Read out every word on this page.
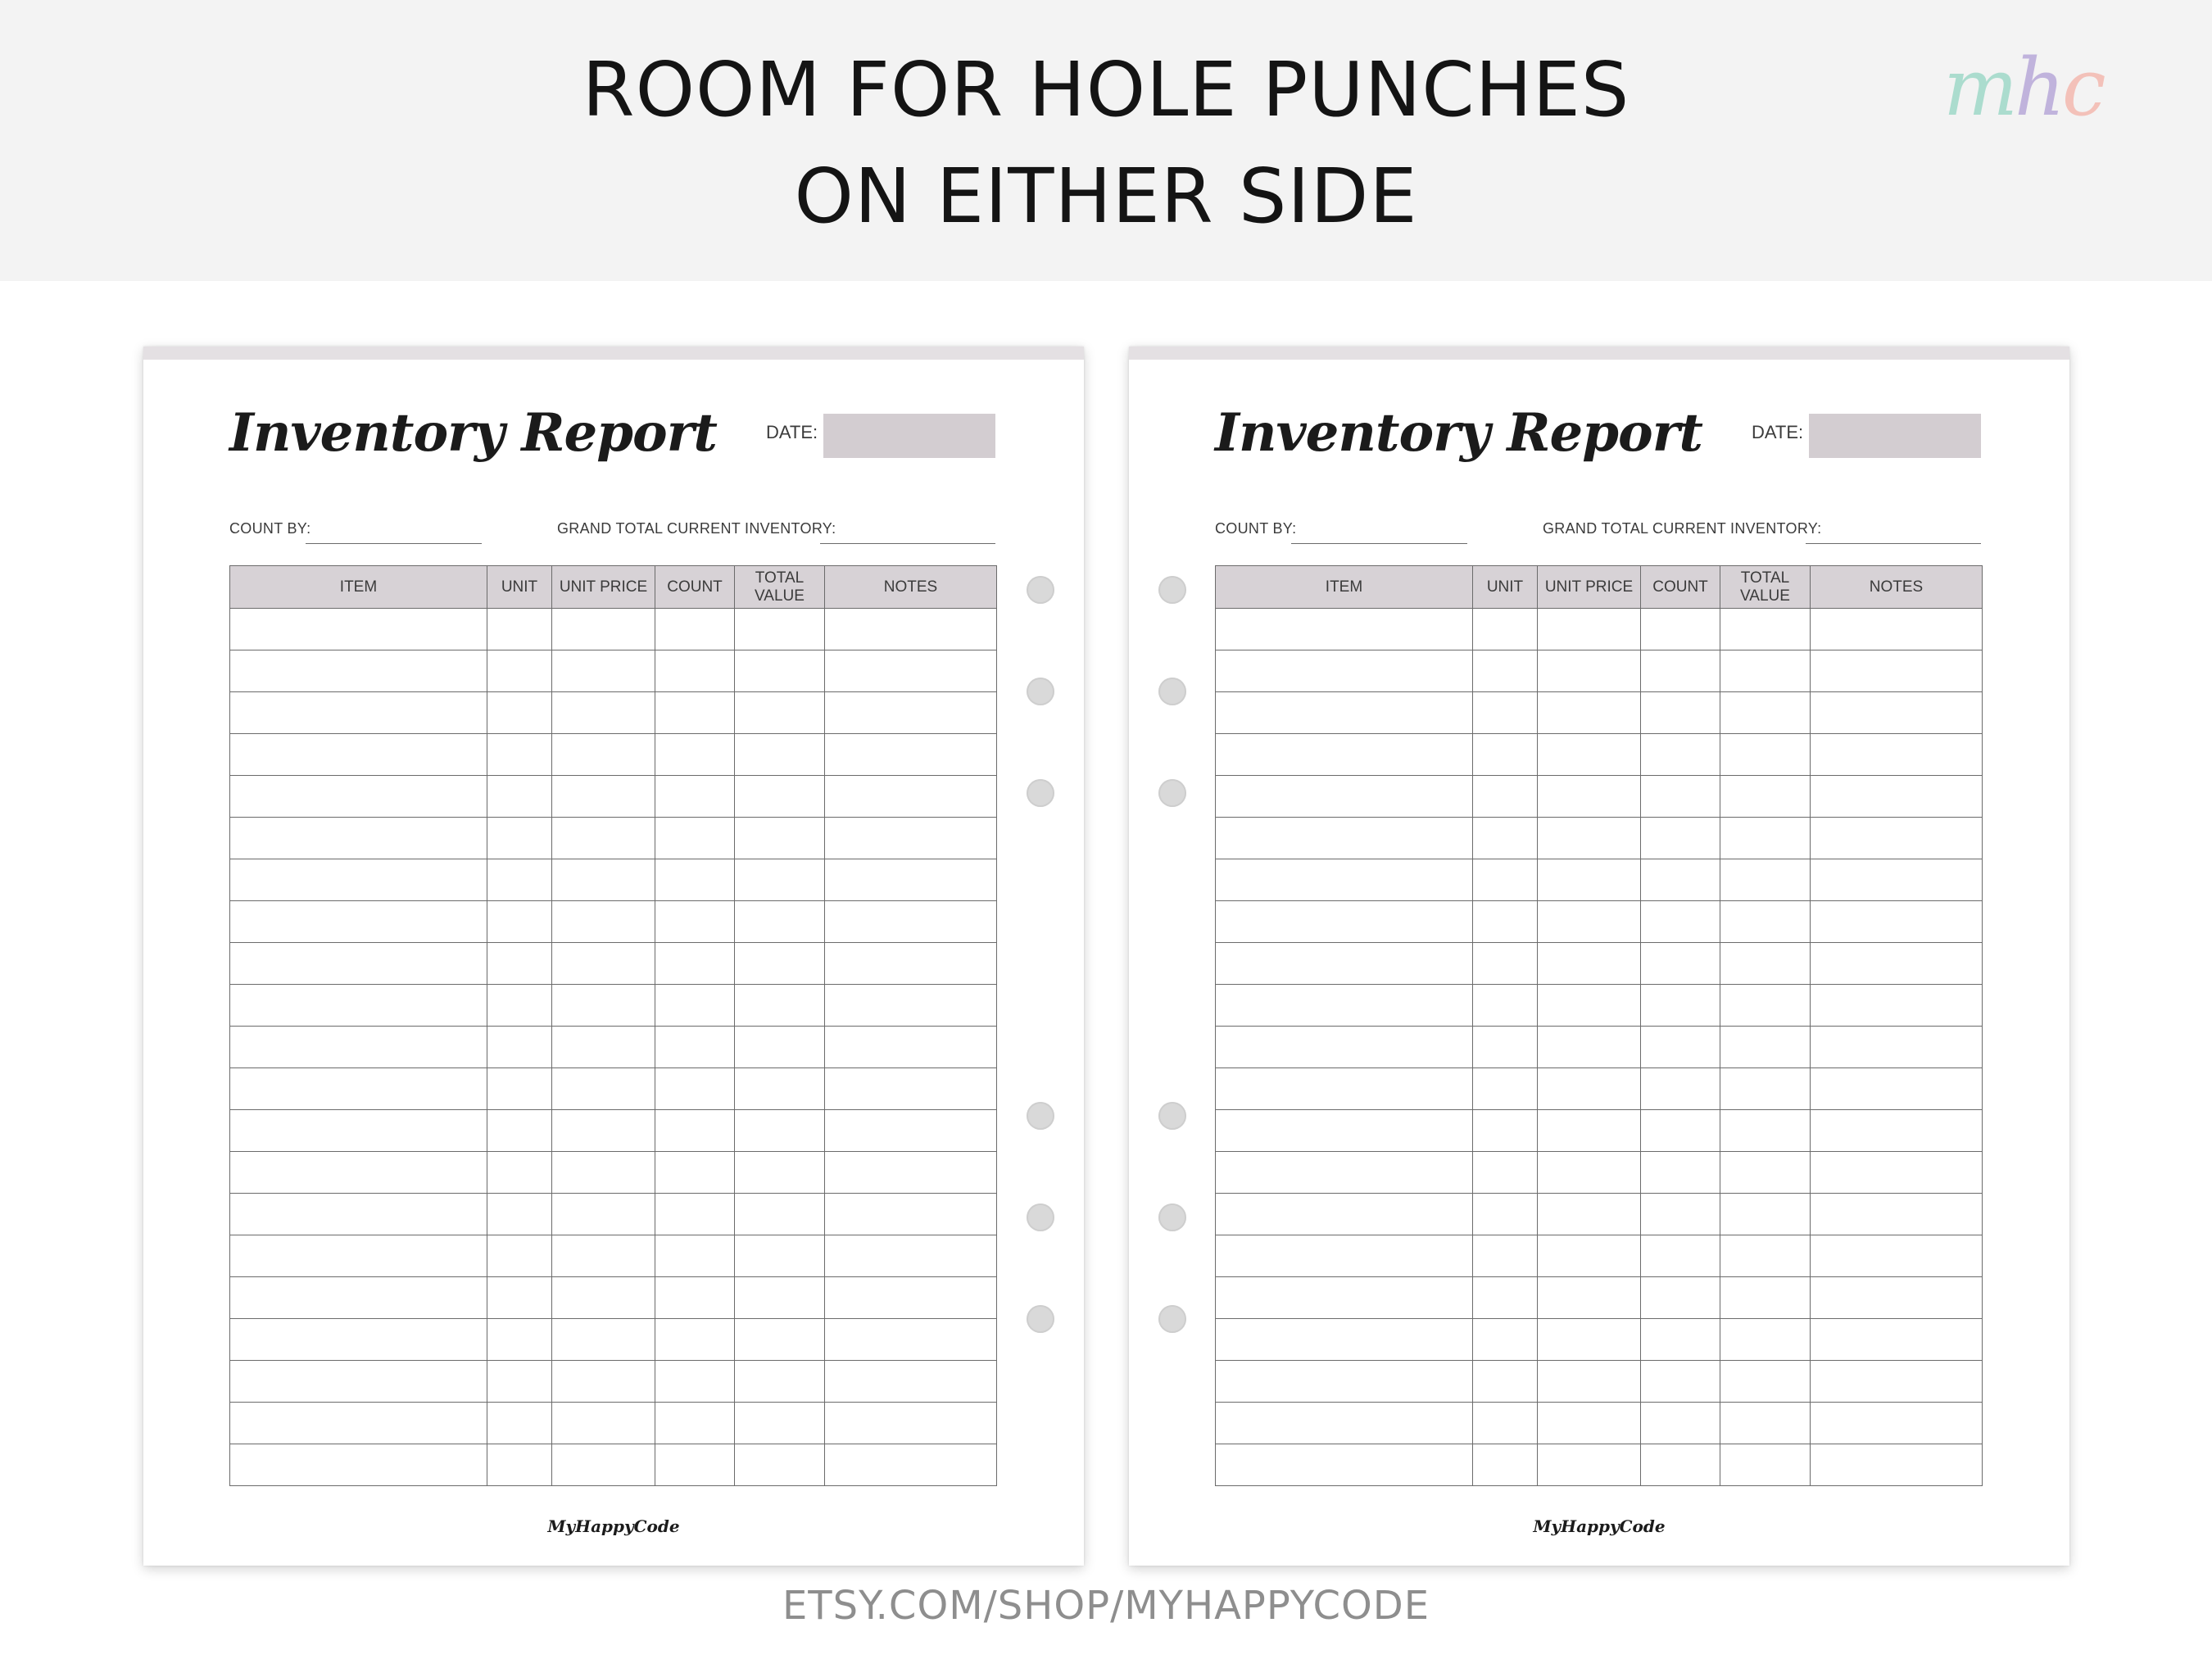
ROOM FOR HOLE PUNCHES
ON EITHER SIDE
mhc
Inventory Report	DATE:
COUNT BY:	GRAND TOTAL CURRENT INVENTORY:
ITEM	UNIT	UNIT PRICE	COUNT	TOTAL VALUE	NOTES

MyHappyCode
Inventory Report	DATE:
COUNT BY:	GRAND TOTAL CURRENT INVENTORY:
ITEM	UNIT	UNIT PRICE	COUNT	TOTAL VALUE	NOTES

MyHappyCode
ETSY.COM/SHOP/MYHAPPYCODE
